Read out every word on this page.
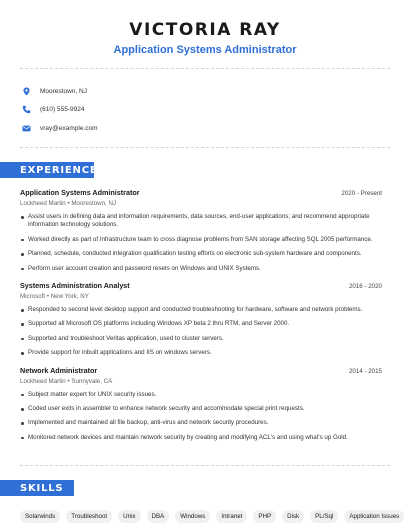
VICTORIA RAY
Application Systems Administrator
Moorestown, NJ
(610) 555-9924
vray@example.com
EXPERIENCE
Application Systems Administrator	2020 - Present
Lockheed Martin • Moorestown, NJ
Assist users in defining data and information requirements, data sources, end-user applications; and recommend appropriate information technology solutions.
Worked directly as part of Infrastructure team to cross diagnose problems from SAN storage affecting SQL 2005 performance.
Planned, schedule, conducted integration qualification testing efforts on electronic sub-system hardware and components.
Perform user account creation and password resets on Windows and UNIX Systems.
Systems Administration Analyst	2016 - 2020
Microsoft • New York, NY
Responded to second level desktop support and conducted troubleshooting for hardware, software and network problems.
Supported all Microsoft OS platforms including Windows XP beta 2 thru RTM, and Server 2000.
Supported and troubleshoot Veritas application, used to cluster servers.
Provide support for inbuilt applications and IIS on windows servers.
Network Administrator	2014 - 2015
Lockheed Martin • Sunnyvale, CA
Subject matter expert for UNIX security issues.
Coded user exits in assembler to enhance network security and accommodate special print requests.
Implemented and maintained all file backup, anti-virus and network security procedures.
Monitored network devices and maintain network security by creating and modifying ACL's and using what's up Gold.
SKILLS
Solarwinds	Troubleshoot	Unix	DBA	Windows	Intranet	PHP	Disk	PL/Sql	Application Issues
